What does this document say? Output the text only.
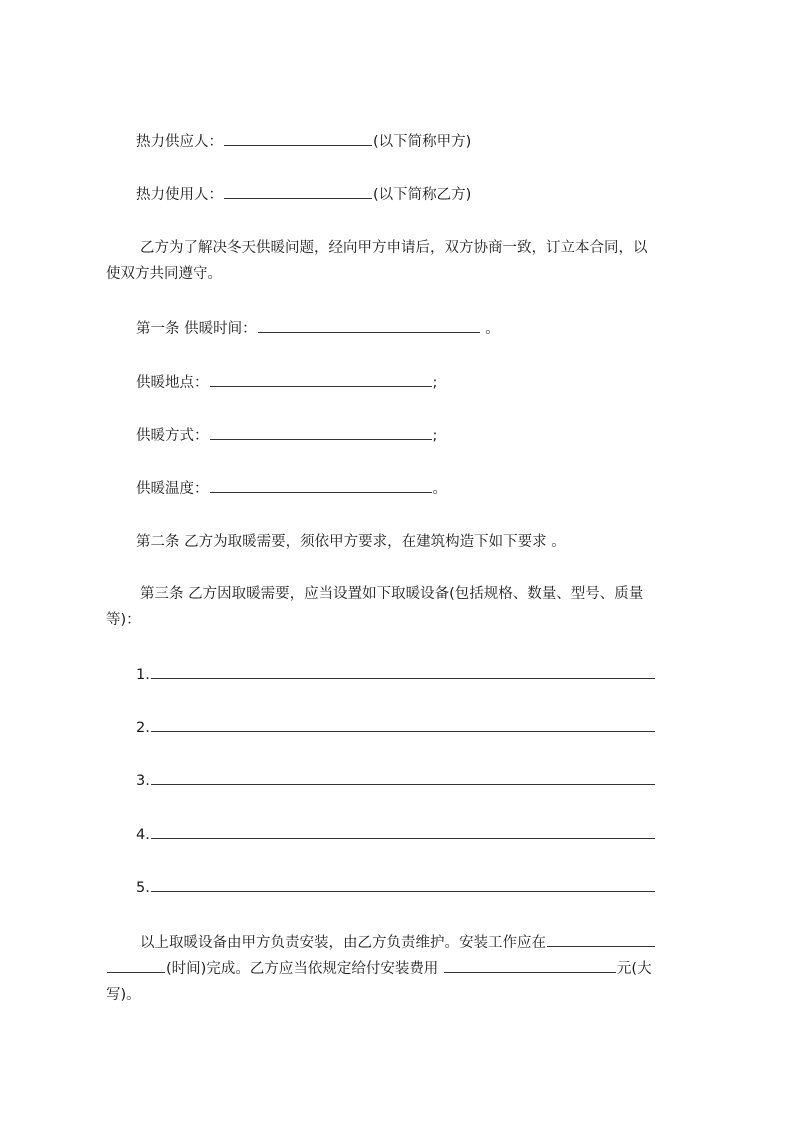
热力供应人：	(以下简称甲方)
热力使用人：	(以下简称乙方)
乙方为了解决冬天供暖问题，经向甲方申请后，双方协商一致，订立本合同，以
使双方共同遵守。
第一条 供暖时间：	。
供暖地点：	;
供暖方式：	;
供暖温度：	。
第二条 乙方为取暖需要，须依甲方要求，在建筑构造下如下要求 。
第三条 乙方因取暖需要，应当设置如下取暖设备(包括规格、数量、型号、质量
等)：
1.
2.
3.
4.
5.
以上取暖设备由甲方负责安装，由乙方负责维护。安装工作应在
(时间)完成。乙方应当依规定给付安装费用	元(大
写)。
